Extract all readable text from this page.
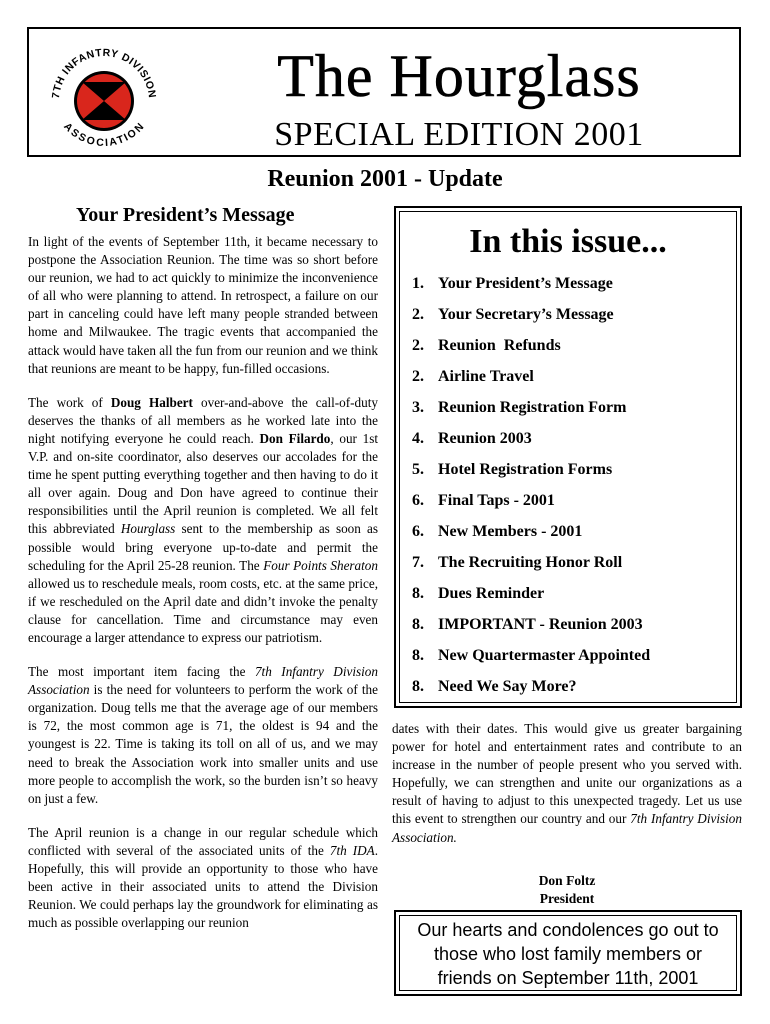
7TH INFANTRY DIVISION
ASSOCIATION
The Hourglass
SPECIAL EDITION 2001
Reunion 2001 - Update
Your President’s Message

In light of the events of September 11th, it became necessary to postpone the Association Reunion. The time was so short before our reunion, we had to act quickly to minimize the inconvenience of all who were planning to attend. In retrospect, a failure on our part in canceling could have left many people stranded between home and Milwaukee. The tragic events that accompanied the attack would have taken all the fun from our reunion and we think that reunions are meant to be happy, fun-filled occasions.

The work of Doug Halbert over-and-above the call-of-duty deserves the thanks of all members as he worked late into the night notifying everyone he could reach. Don Filardo, our 1st V.P. and on-site coordinator, also deserves our accolades for the time he spent putting everything together and then having to do it all over again. Doug and Don have agreed to continue their responsibilities until the April reunion is completed. We all felt this abbreviated Hourglass sent to the membership as soon as possible would bring everyone up-to-date and permit the scheduling for the April 25-28 reunion. The Four Points Sheraton allowed us to reschedule meals, room costs, etc. at the same price, if we rescheduled on the April date and didn’t invoke the penalty clause for cancellation. Time and circumstance may even encourage a larger attendance to express our patriotism.

The most important item facing the 7th Infantry Division Association is the need for volunteers to perform the work of the organization. Doug tells me that the average age of our members is 72, the most common age is 71, the oldest is 94 and the youngest is 22. Time is taking its toll on all of us, and we may need to break the Association work into smaller units and use more people to accomplish the work, so the burden isn’t so heavy on just a few.

The April reunion is a change in our regular schedule which conflicted with several of the associated units of the 7th IDA. Hopefully, this will provide an opportunity to those who have been active in their associated units to attend the Division Reunion. We could perhaps lay the groundwork for eliminating as much as possible overlapping our reunion

In this issue...
1. Your President’s Message
2. Your Secretary’s Message
2. Reunion  Refunds
2. Airline Travel
3. Reunion Registration Form
4. Reunion 2003
5. Hotel Registration Forms
6. Final Taps - 2001
6. New Members - 2001
7. The Recruiting Honor Roll
8. Dues Reminder
8. IMPORTANT - Reunion 2003
8. New Quartermaster Appointed
8. Need We Say More?

dates with their dates. This would give us greater bargaining power for hotel and entertainment rates and contribute to an increase in the number of people present who you served with. Hopefully, we can strengthen and unite our organizations as a result of having to adjust to this unexpected tragedy. Let us use this event to strengthen our country and our 7th Infantry Division Association.

Don Foltz
President
Our hearts and condolences go out to those who lost family members or friends on September 11th, 2001
